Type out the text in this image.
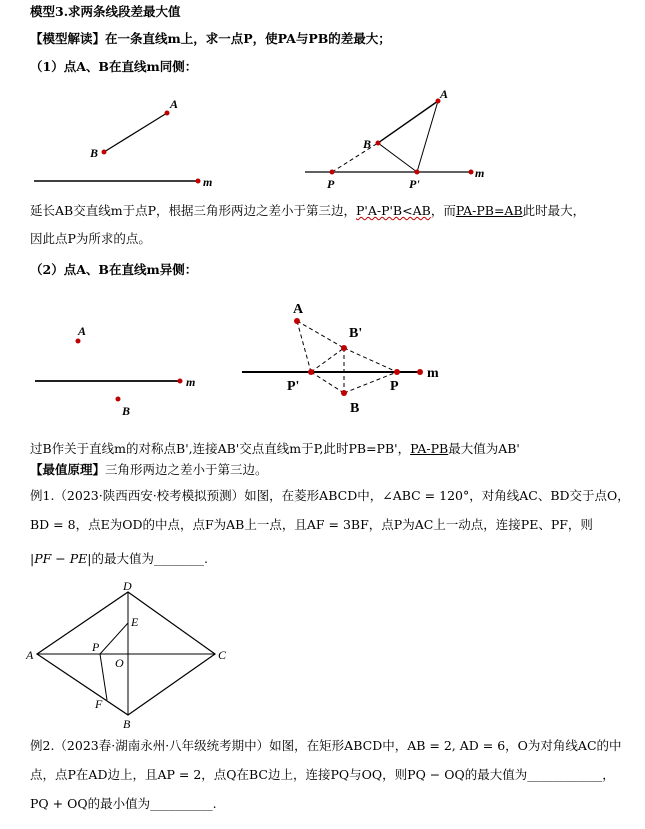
模型3.求两条线段差最大值
【模型解读】在一条直线m上，求一点P，使PA与PB的差最大；
（1）点A、B在直线m同侧：
A
B
m
A
B
P	P'
m
延长AB交直线m于点P，根据三角形两边之差小于第三边，P'A-P'B<AB，而PA-PB=AB此时最大，
因此点P为所求的点。
（2）点A、B在直线m异侧：
A
B
m
A
B'
P'	P
B
m
过B作关于直线m的对称点B',连接AB'交点直线m于P,此时PB=PB'，PA-PB最大值为AB'
【最值原理】三角形两边之差小于第三边。
例1.（2023·陕西西安·校考模拟预测）如图，在菱形ABCD中，∠ABC = 120°，对角线AC、BD交于点O，
BD = 8，点E为OD的中点，点F为AB上一点，且AF = 3BF，点P为AC上一动点，连接PE、PF，则
|PF − PE|的最大值为________.
D
A	C
B
E
P
O
F
例2.（2023春·湖南永州·八年级统考期中）如图，在矩形ABCD中，AB = 2, AD = 6，O为对角线AC的中
点，点P在AD边上，且AP = 2，点Q在BC边上，连接PQ与OQ，则PQ − OQ的最大值为____________，
PQ + OQ的最小值为__________.
